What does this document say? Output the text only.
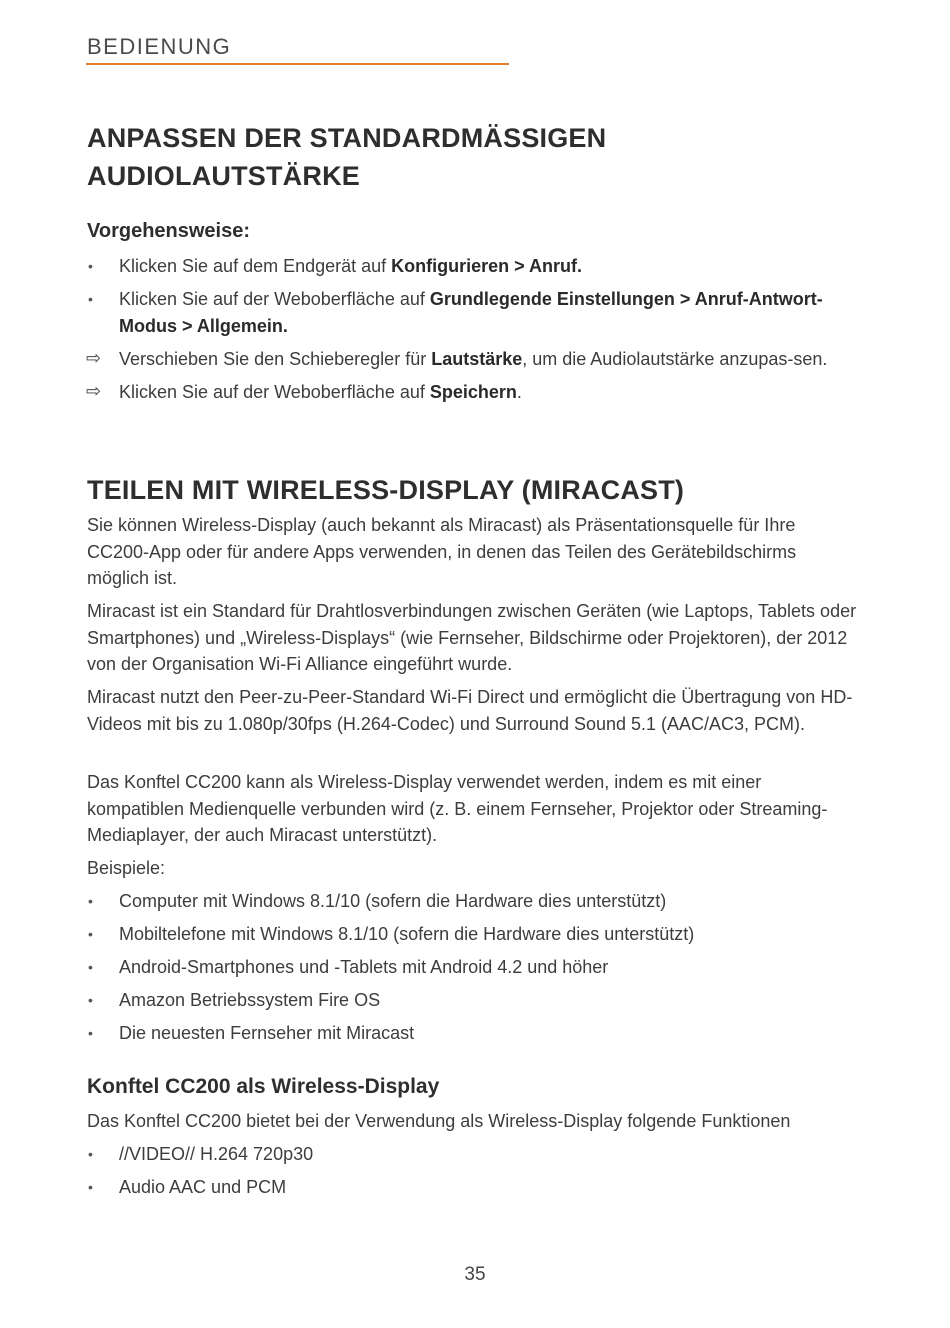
BEDIENUNG
ANPASSEN DER STANDARDMÄSSIGEN AUDIOLAUTSTÄRKE
Vorgehensweise:
•	Klicken Sie auf dem Endgerät auf Konfigurieren > Anruf.
•	Klicken Sie auf der Weboberfläche auf Grundlegende Einstellungen > Anruf-Antwort-Modus > Allgemein.
⇨ Verschieben Sie den Schieberegler für Lautstärke, um die Audiolautstärke anzupas-sen.
⇨ Klicken Sie auf der Weboberfläche auf Speichern.
TEILEN MIT WIRELESS-DISPLAY (MIRACAST)

Sie können Wireless-Display (auch bekannt als Miracast) als Präsentationsquelle für Ihre CC200-App oder für andere Apps verwenden, in denen das Teilen des Gerätebildschirms möglich ist.

Miracast ist ein Standard für Drahtlosverbindungen zwischen Geräten (wie Laptops, Tablets oder Smartphones) und „Wireless-Displays“ (wie Fernseher, Bildschirme oder Projektoren), der 2012 von der Organisation Wi-Fi Alliance eingeführt wurde.

Miracast nutzt den Peer-zu-Peer-Standard Wi-Fi Direct und ermöglicht die Übertragung von HD-Videos mit bis zu 1.080p/30fps (H.264-Codec) und Surround Sound 5.1 (AAC/AC3, PCM).

Das Konftel CC200 kann als Wireless-Display verwendet werden, indem es mit einer kompatiblen Medienquelle verbunden wird (z. B. einem Fernseher, Projektor oder Streaming-Mediaplayer, der auch Miracast unterstützt).

Beispiele:

•	Computer mit Windows 8.1/10 (sofern die Hardware dies unterstützt)
•	Mobiltelefone mit Windows 8.1/10 (sofern die Hardware dies unterstützt)
•	Android-Smartphones und -Tablets mit Android 4.2 und höher
•	Amazon Betriebssystem Fire OS
•	Die neuesten Fernseher mit Miracast
Konftel CC200 als Wireless-Display

Das Konftel CC200 bietet bei der Verwendung als Wireless-Display folgende Funktionen

•	//VIDEO// H.264 720p30
•	Audio AAC und PCM
35
